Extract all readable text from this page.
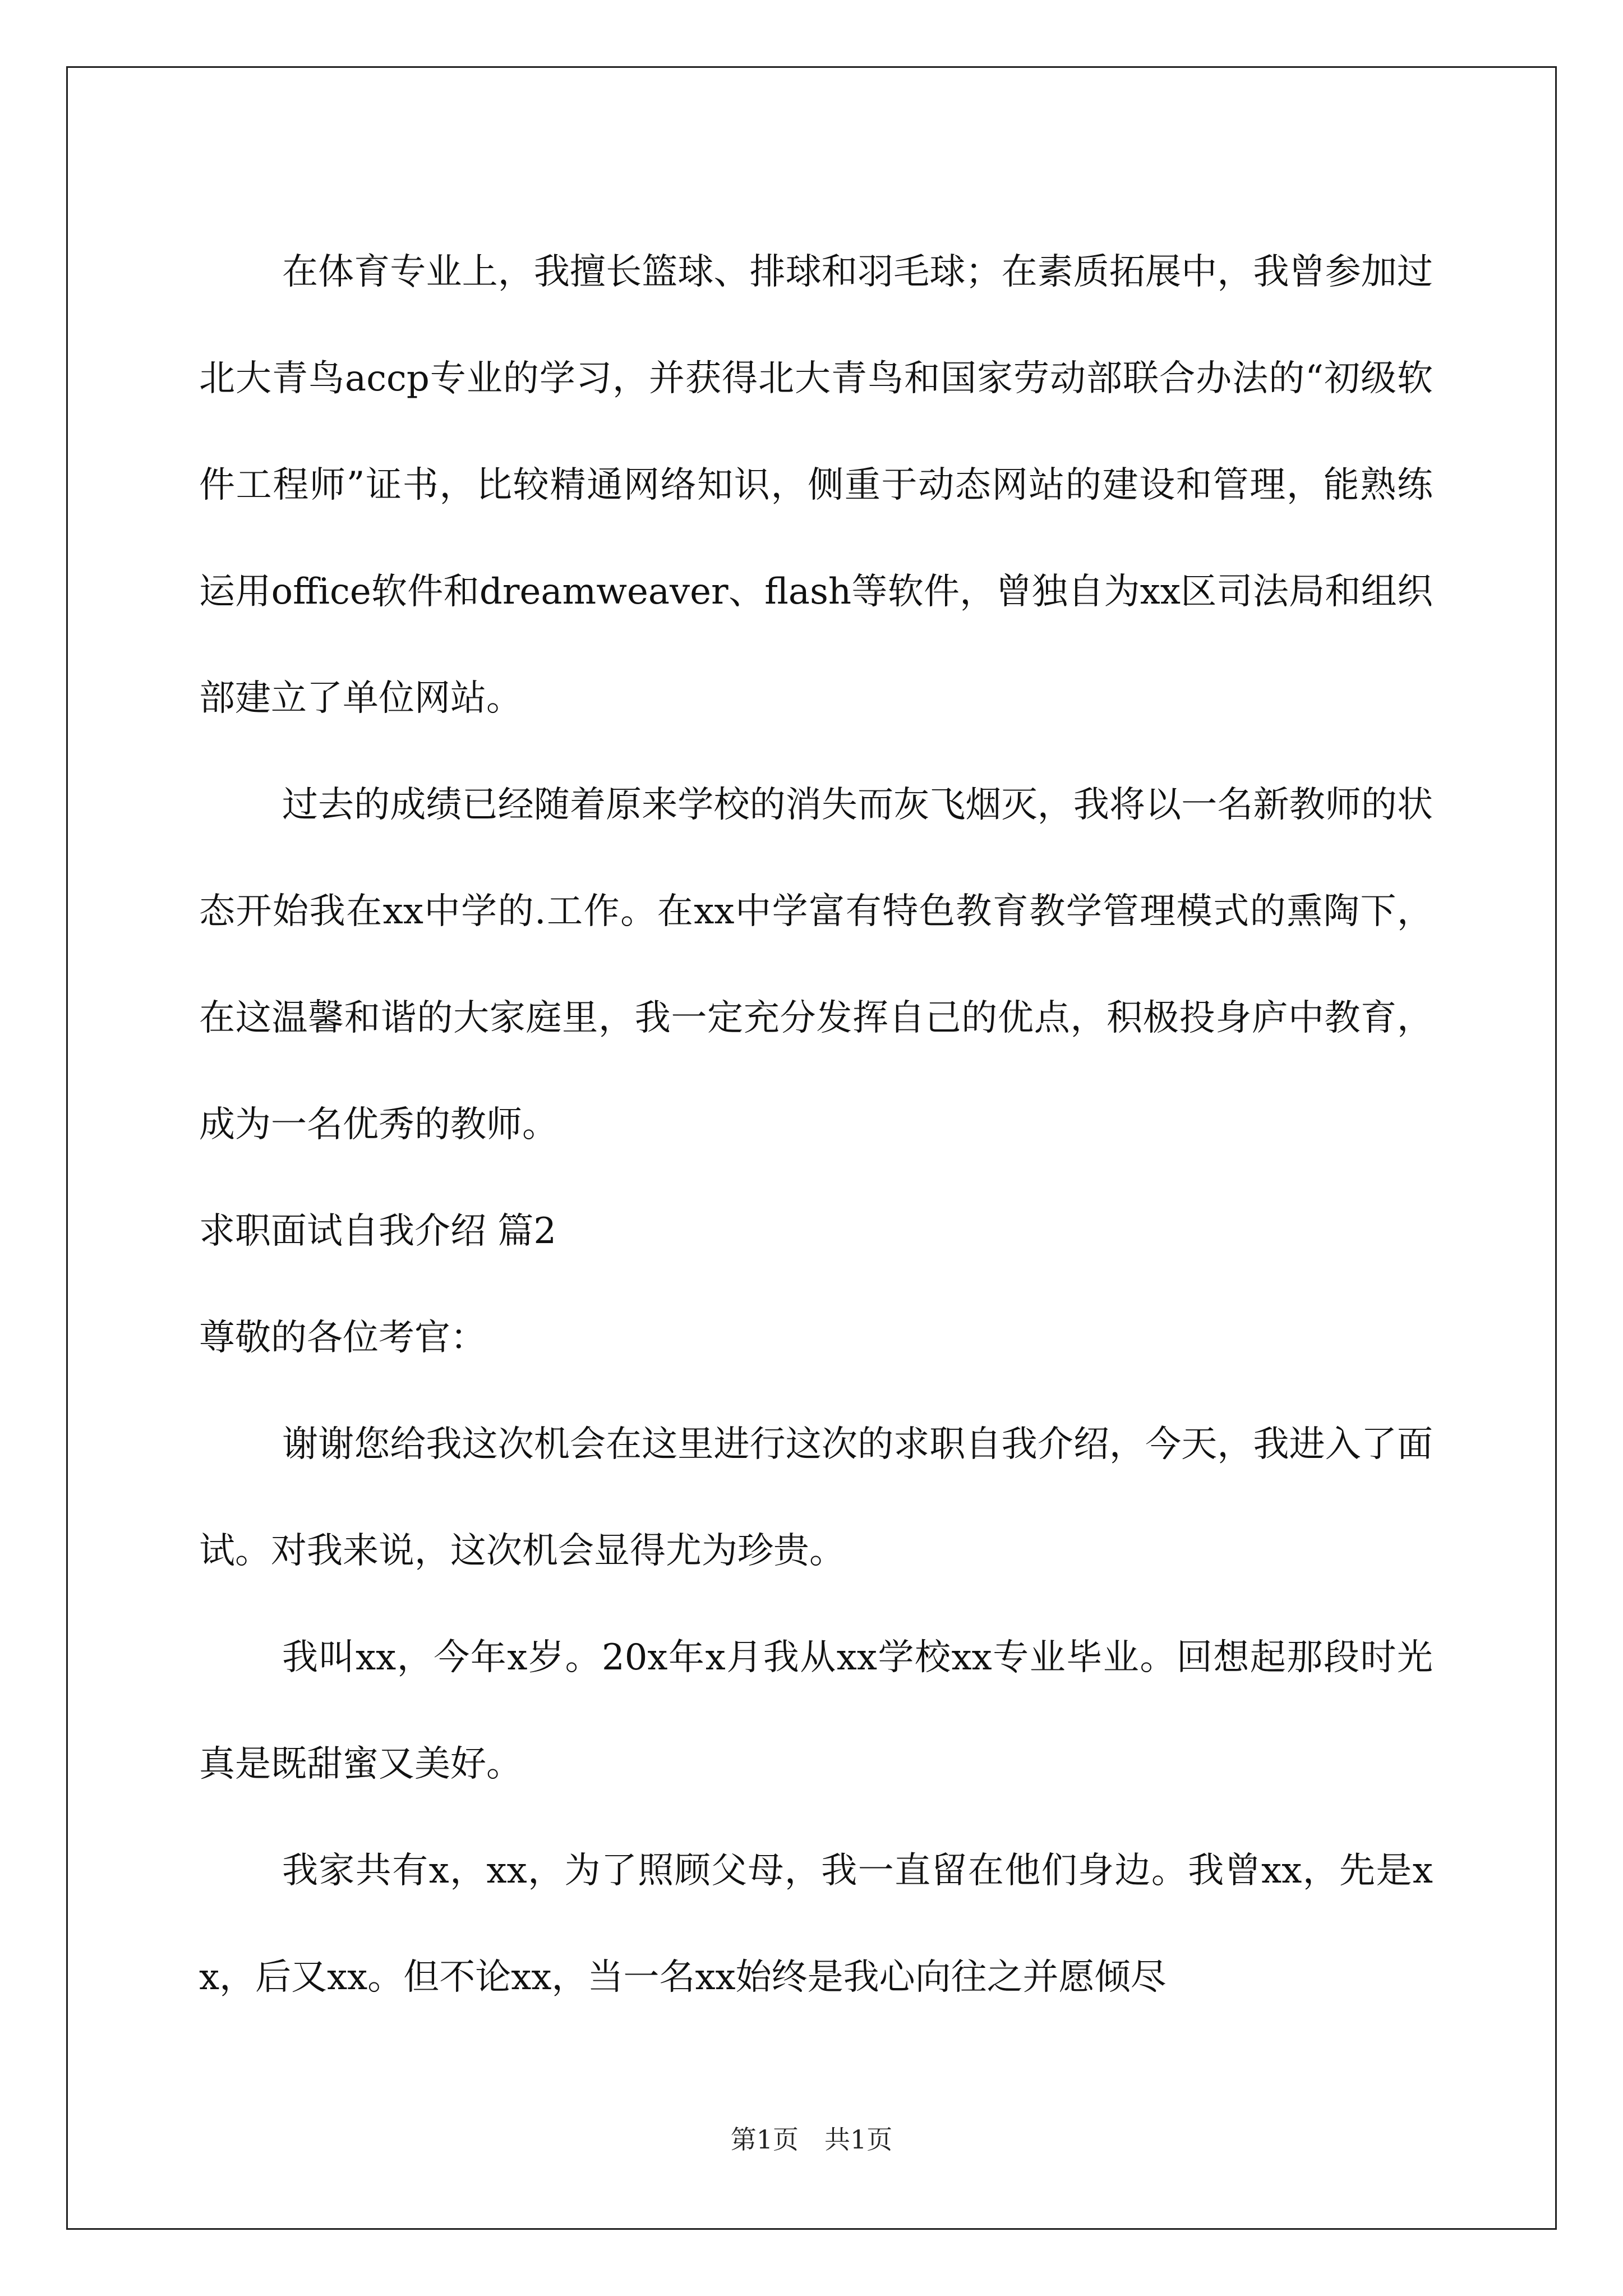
在体育专业上，我擅长篮球、排球和羽毛球；在素质拓展中，我曾参加过北大青鸟accp专业的学习，并获得北大青鸟和国家劳动部联合办法的“初级软件工程师”证书，比较精通网络知识，侧重于动态网站的建设和管理，能熟练运用office软件和dreamweaver、flash等软件，曾独自为xx区司法局和组织部建立了单位网站。

过去的成绩已经随着原来学校的消失而灰飞烟灭，我将以一名新教师的状态开始我在xx中学的.工作。在xx中学富有特色教育教学管理模式的熏陶下，在这温馨和谐的大家庭里，我一定充分发挥自己的优点，积极投身庐中教育，成为一名优秀的教师。

求职面试自我介绍 篇2

尊敬的各位考官：

谢谢您给我这次机会在这里进行这次的求职自我介绍，今天，我进入了面试。对我来说，这次机会显得尤为珍贵。

我叫xx，今年x岁。20x年x月我从xx学校xx专业毕业。回想起那段时光真是既甜蜜又美好。

我家共有x，xx，为了照顾父母，我一直留在他们身边。我曾xx，先是xx，后又xx。但不论xx，当一名xx始终是我心向往之并愿倾尽

第1页 共1页
